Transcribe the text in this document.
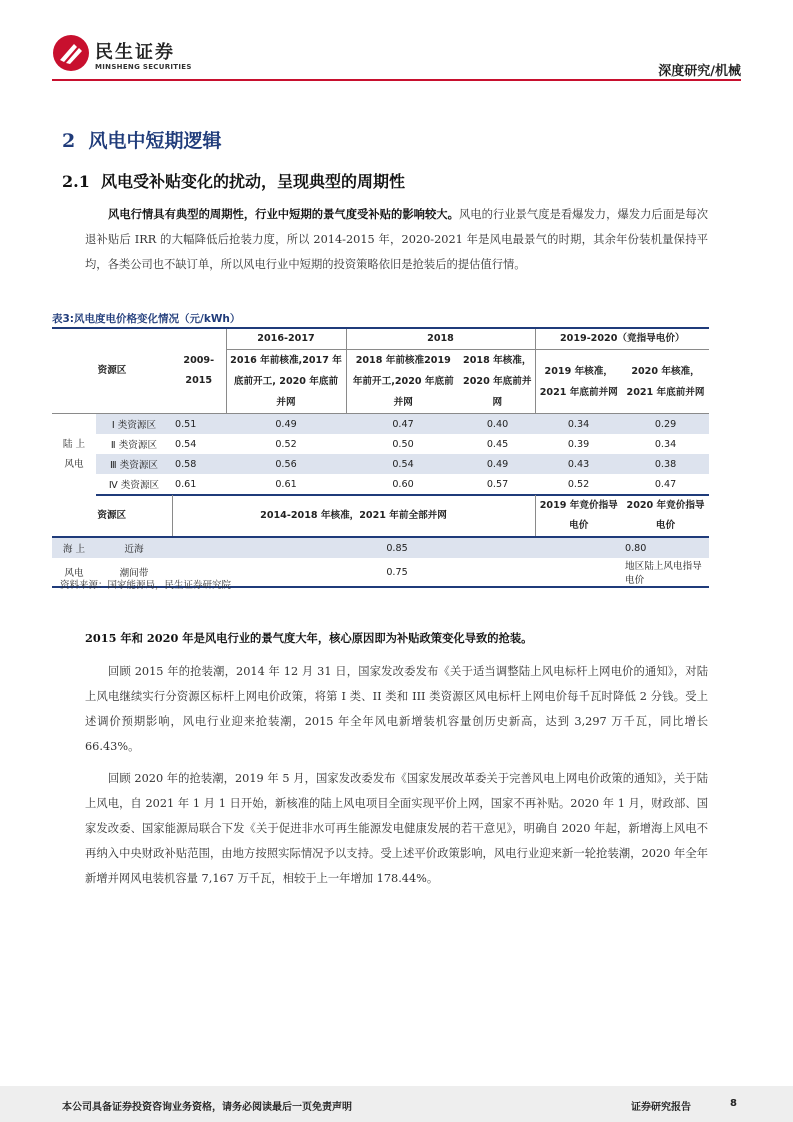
民生证券
MINSHENG SECURITIES	深度研究/机械
2  风电中短期逻辑
2.1  风电受补贴变化的扰动，呈现典型的周期性
风电行情具有典型的周期性，行业中短期的景气度受补贴的影响较大。风电的行业景气度是看爆发力，爆发力后面是每次退补贴后 IRR 的大幅降低后抢装力度，所以 2014-2015 年，2020-2021 年是风电最景气的时期，其余年份装机量保持平均，各类公司也不缺订单，所以风电行业中短期的投资策略依旧是抢装后的提估值行情。
表3:风电度电价格变化情况（元/kWh）
资源区		2009-2015	2016-2017	2018		2019-2020（竞指导电价）	
			2016 年前核准,2017 年底前开工, 2020 年底前并网	2018 年前核准2019 年前开工,2020 年底前并网	2018 年核准，2020 年底前并网	2019 年核准，2021 年底前并网	2020 年核准，2021 年底前并网

陆 上
风电	Ⅰ 类资源区	0.51	0.49	0.47	0.40	0.34	0.29
	Ⅱ 类资源区	0.54	0.52	0.50	0.45	0.39	0.34
	Ⅲ 类资源区	0.58	0.56	0.54	0.49	0.43	0.38
	Ⅳ 类资源区	0.61	0.61	0.60	0.57	0.52	0.47
资源区		2014-2018 年核准，2021 年前全部并网				2019 年竞价指导电价	2020 年竞价指导电价

海 上	近海	0.85					0.80
风电	潮间带	0.75					地区陆上风电指导电价
资料来源：国家能源局，民生证券研究院
2015 年和 2020 年是风电行业的景气度大年，核心原因即为补贴政策变化导致的抢装。
回顾 2015 年的抢装潮，2014 年 12 月 31 日，国家发改委发布《关于适当调整陆上风电标杆上网电价的通知》，对陆上风电继续实行分资源区标杆上网电价政策，将第 I 类、II 类和 III 类资源区风电标杆上网电价每千瓦时降低 2 分钱。受上述调价预期影响，风电行业迎来抢装潮，2015 年全年风电新增装机容量创历史新高，达到 3,297 万千瓦，同比增长 66.43%。
回顾 2020 年的抢装潮，2019 年 5 月，国家发改委发布《国家发展改革委关于完善风电上网电价政策的通知》，关于陆上风电，自 2021 年 1 月 1 日开始，新核准的陆上风电项目全面实现平价上网，国家不再补贴。2020 年 1 月，财政部、国家发改委、国家能源局联合下发《关于促进非水可再生能源发电健康发展的若干意见》，明确自 2020 年起，新增海上风电不再纳入中央财政补贴范围，由地方按照实际情况予以支持。受上述平价政策影响，风电行业迎来新一轮抢装潮，2020 年全年新增并网风电装机容量 7,167 万千瓦，相较于上一年增加 178.44%。
本公司具备证券投资咨询业务资格，请务必阅读最后一页免责声明	证券研究报告	8
